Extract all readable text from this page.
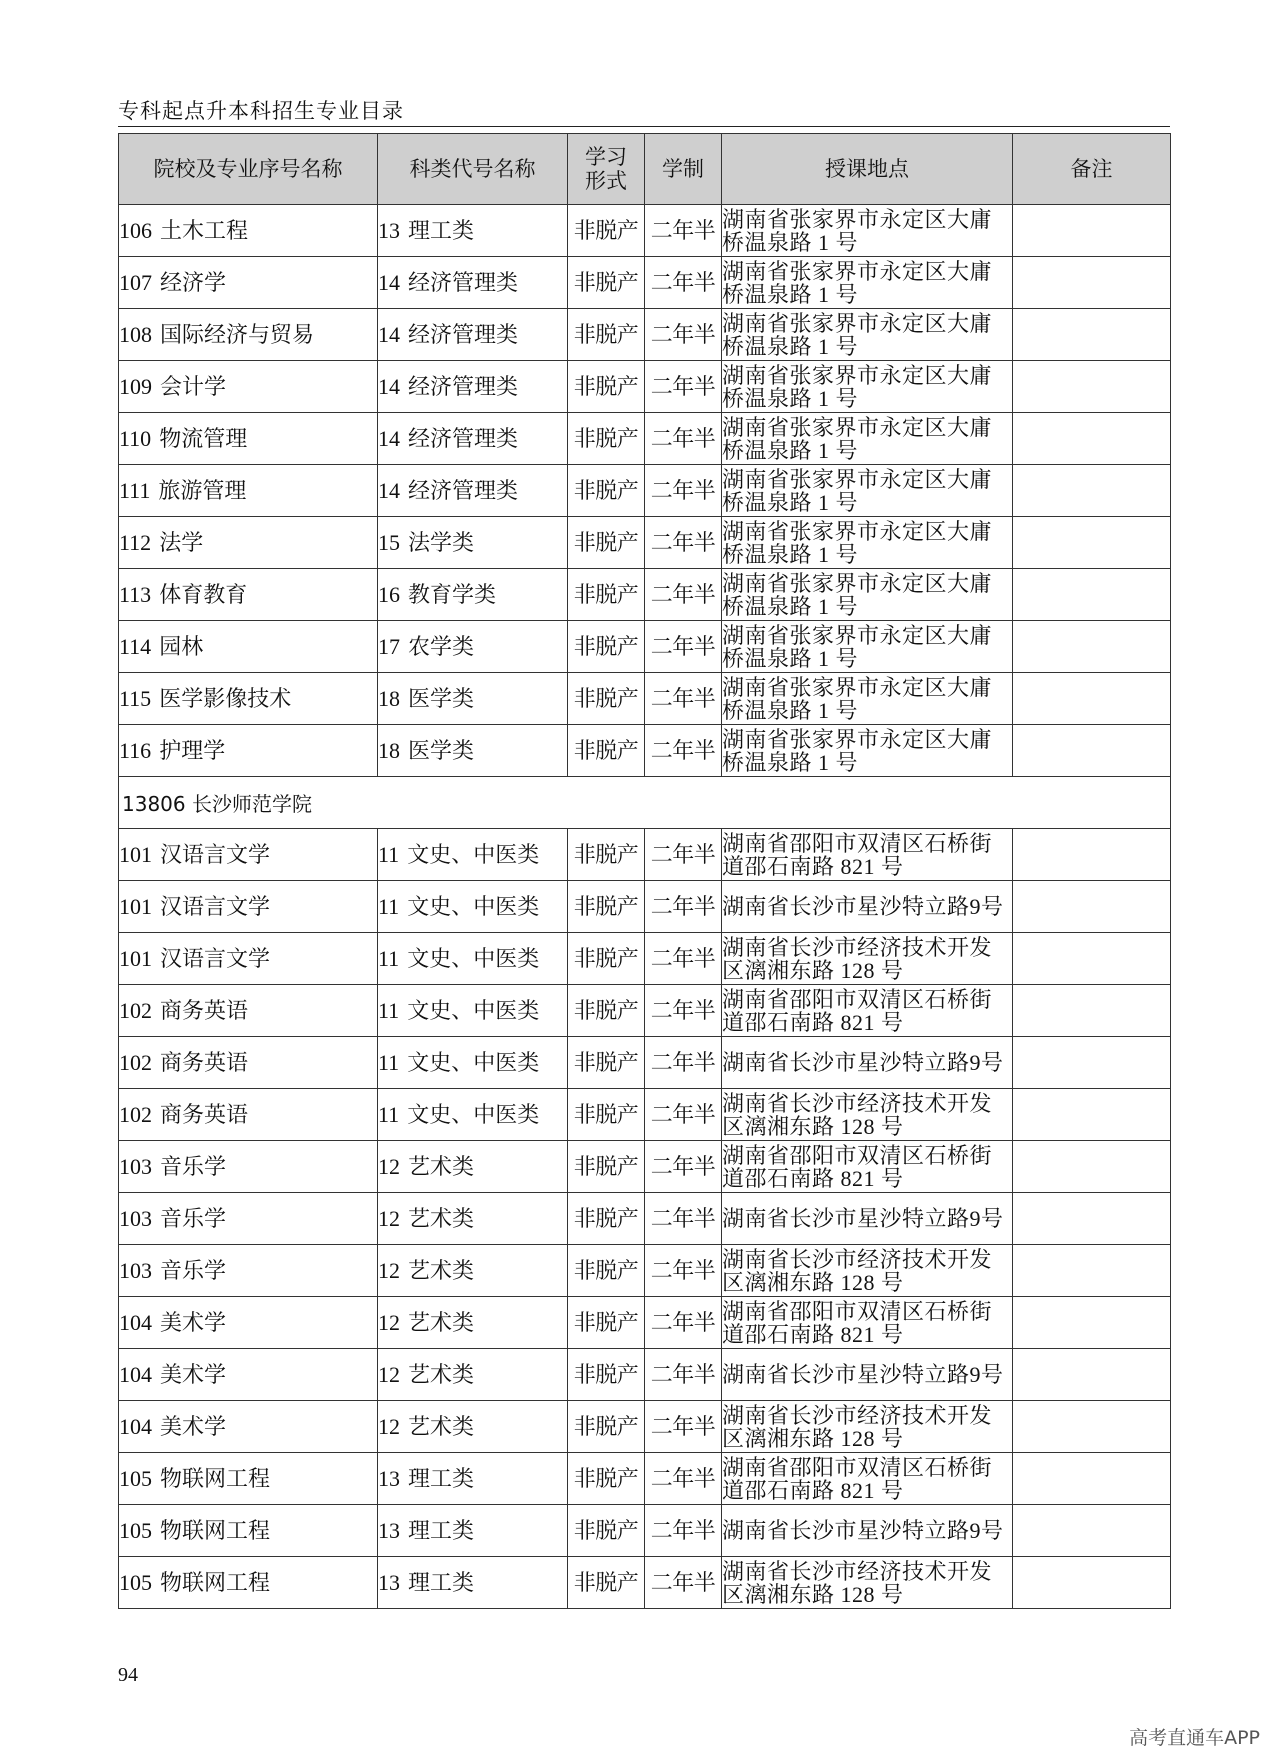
专科起点升本科招生专业目录
院校及专业序号名称	科类代号名称	学习
形式	学制	授课地点	备注
106 土木工程	13 理工类	非脱产	二年半	湖南省张家界市永定区大庸桥温泉路 1 号	
107 经济学	14 经济管理类	非脱产	二年半	湖南省张家界市永定区大庸桥温泉路 1 号	
108 国际经济与贸易	14 经济管理类	非脱产	二年半	湖南省张家界市永定区大庸桥温泉路 1 号	
109 会计学	14 经济管理类	非脱产	二年半	湖南省张家界市永定区大庸桥温泉路 1 号	
110 物流管理	14 经济管理类	非脱产	二年半	湖南省张家界市永定区大庸桥温泉路 1 号	
111 旅游管理	14 经济管理类	非脱产	二年半	湖南省张家界市永定区大庸桥温泉路 1 号	
112 法学	15 法学类	非脱产	二年半	湖南省张家界市永定区大庸桥温泉路 1 号	
113 体育教育	16 教育学类	非脱产	二年半	湖南省张家界市永定区大庸桥温泉路 1 号	
114 园林	17 农学类	非脱产	二年半	湖南省张家界市永定区大庸桥温泉路 1 号	
115 医学影像技术	18 医学类	非脱产	二年半	湖南省张家界市永定区大庸桥温泉路 1 号	
116 护理学	18 医学类	非脱产	二年半	湖南省张家界市永定区大庸桥温泉路 1 号	
13806 长沙师范学院					
101 汉语言文学	11 文史、中医类	非脱产	二年半	湖南省邵阳市双清区石桥街道邵石南路 821 号	
101 汉语言文学	11 文史、中医类	非脱产	二年半	湖南省长沙市星沙特立路9号	
101 汉语言文学	11 文史、中医类	非脱产	二年半	湖南省长沙市经济技术开发区漓湘东路 128 号	
102 商务英语	11 文史、中医类	非脱产	二年半	湖南省邵阳市双清区石桥街道邵石南路 821 号	
102 商务英语	11 文史、中医类	非脱产	二年半	湖南省长沙市星沙特立路9号	
102 商务英语	11 文史、中医类	非脱产	二年半	湖南省长沙市经济技术开发区漓湘东路 128 号	
103 音乐学	12 艺术类	非脱产	二年半	湖南省邵阳市双清区石桥街道邵石南路 821 号	
103 音乐学	12 艺术类	非脱产	二年半	湖南省长沙市星沙特立路9号	
103 音乐学	12 艺术类	非脱产	二年半	湖南省长沙市经济技术开发区漓湘东路 128 号	
104 美术学	12 艺术类	非脱产	二年半	湖南省邵阳市双清区石桥街道邵石南路 821 号	
104 美术学	12 艺术类	非脱产	二年半	湖南省长沙市星沙特立路9号	
104 美术学	12 艺术类	非脱产	二年半	湖南省长沙市经济技术开发区漓湘东路 128 号	
105 物联网工程	13 理工类	非脱产	二年半	湖南省邵阳市双清区石桥街道邵石南路 821 号	
105 物联网工程	13 理工类	非脱产	二年半	湖南省长沙市星沙特立路9号	
105 物联网工程	13 理工类	非脱产	二年半	湖南省长沙市经济技术开发区漓湘东路 128 号	
94
高考直通车APP
